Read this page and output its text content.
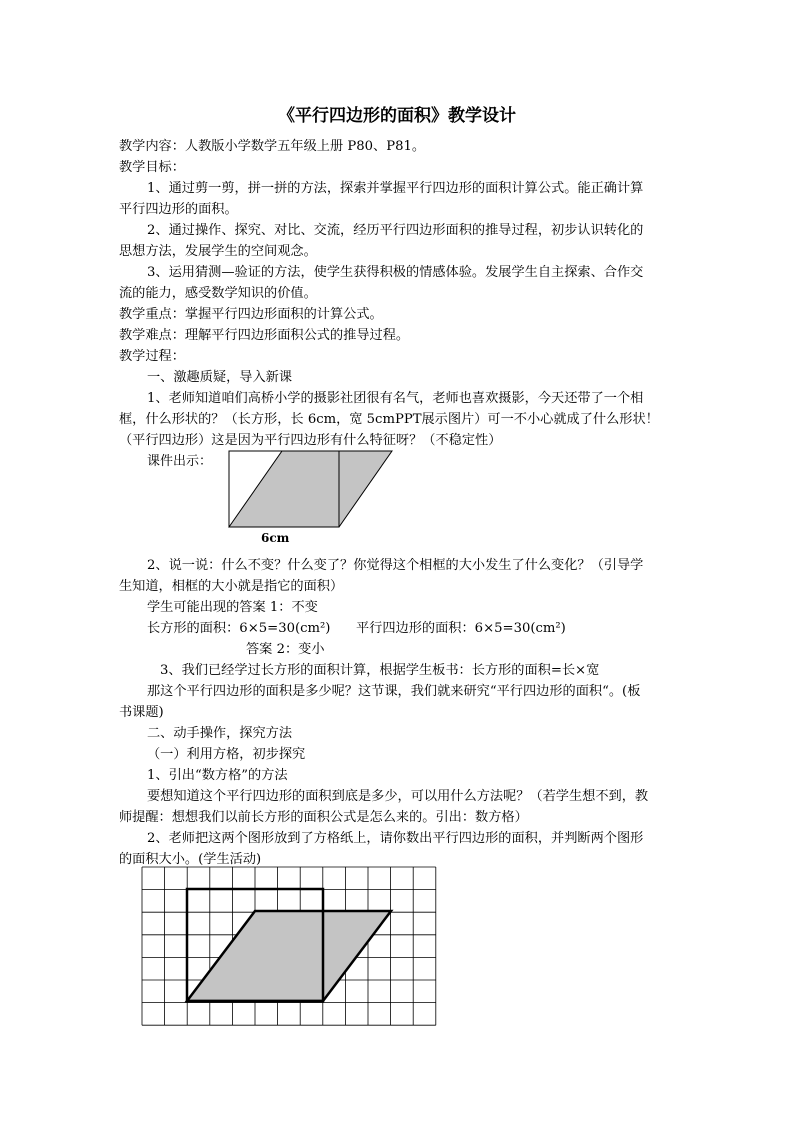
《平行四边形的面积》教学设计
教学内容：人教版小学数学五年级上册 P80、P81。
教学目标：
1、通过剪一剪，拼一拼的方法，探索并掌握平行四边形的面积计算公式。能正确计算
平行四边形的面积。
2、通过操作、探究、对比、交流，经历平行四边形面积的推导过程，初步认识转化的
思想方法，发展学生的空间观念。
3、运用猜测—验证的方法，使学生获得积极的情感体验。发展学生自主探索、合作交
流的能力，感受数学知识的价值。
教学重点：掌握平行四边形面积的计算公式。
教学难点：理解平行四边形面积公式的推导过程。
教学过程：
一、激趣质疑，导入新课
1、老师知道咱们高桥小学的摄影社团很有名气，老师也喜欢摄影，今天还带了一个相
框，什么形状的？（长方形，长 6cm，宽 5cmPPT展示图片）可一不小心就成了什么形状！
（平行四边形）这是因为平行四边形有什么特征呀？（不稳定性）
课件出示：
6cm
2、说一说：什么不变？什么变了？你觉得这个相框的大小发生了什么变化？（引导学
生知道，相框的大小就是指它的面积）
学生可能出现的答案 1：不变
长方形的面积：6×5=30(cm²) 平行四边形的面积：6×5=30(cm²)
答案 2：变小
3、我们已经学过长方形的面积计算，根据学生板书：长方形的面积=长×宽
那这个平行四边形的面积是多少呢？这节课，我们就来研究“平行四边形的面积“。(板
书课题)
二、动手操作，探究方法
（一）利用方格，初步探究
1、引出“数方格”的方法
要想知道这个平行四边形的面积到底是多少，可以用什么方法呢？（若学生想不到，教
师提醒：想想我们以前长方形的面积公式是怎么来的。引出：数方格）
2、老师把这两个图形放到了方格纸上，请你数出平行四边形的面积，并判断两个图形
的面积大小。(学生活动)
